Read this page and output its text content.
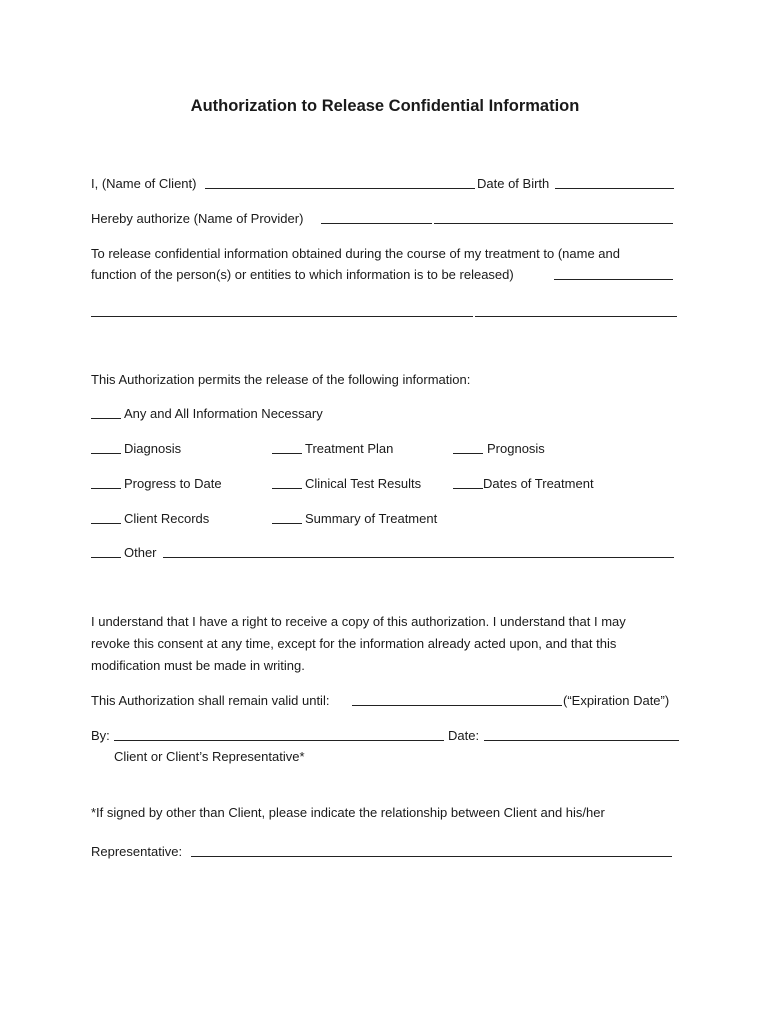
Authorization to Release Confidential Information
I, (Name of Client)	Date of Birth
Hereby authorize (Name of Provider)
To release confidential information obtained during the course of my treatment to (name and
function of the person(s) or entities to which information is to be released)
This Authorization permits the release of the following information:
Any and All Information Necessary
Diagnosis	Treatment Plan	Prognosis
Progress to Date	Clinical Test Results	Dates of Treatment
Client Records	Summary of Treatment
Other
I understand that I have a right to receive a copy of this authorization. I understand that I may
revoke this consent at any time, except for the information already acted upon, and that this
modification must be made in writing.
This Authorization shall remain valid until:	(“Expiration Date”)
By:	Date:
Client or Client’s Representative*
*If signed by other than Client, please indicate the relationship between Client and his/her
Representative:
